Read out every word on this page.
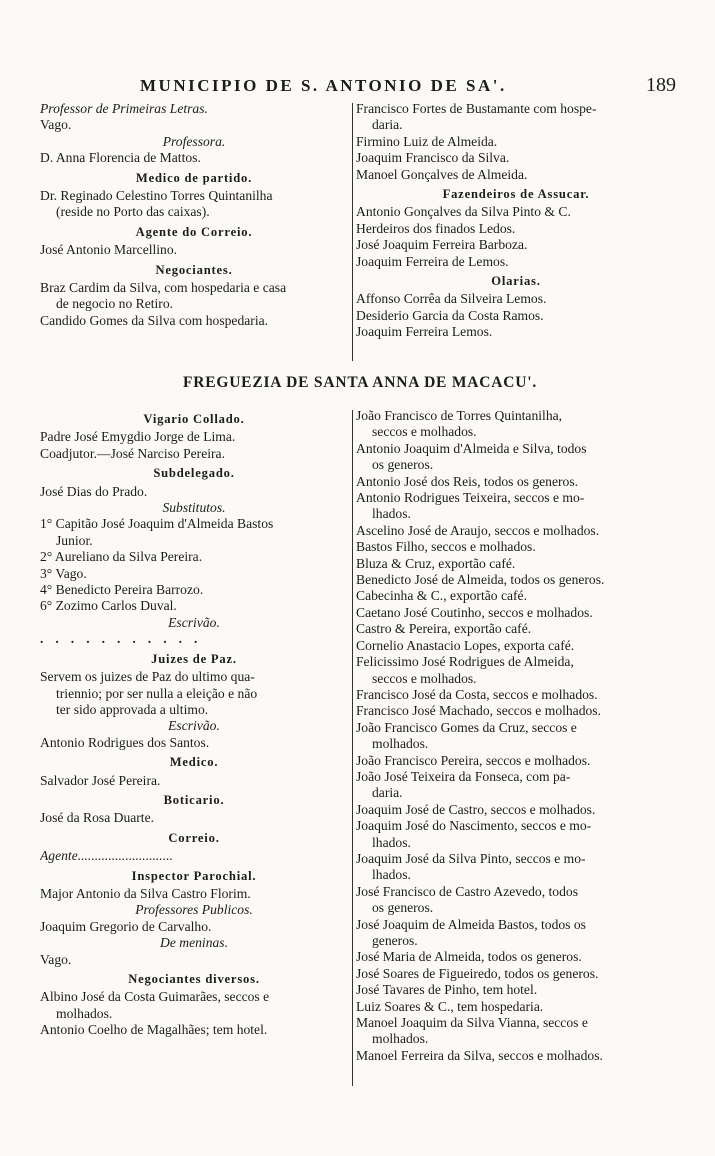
MUNICIPIO DE S. ANTONIO DE SA'.	189
Professor de Primeiras Letras.
Vago.
Professora.
D. Anna Florencia de Mattos.
Medico de partido.
Dr. Reginado Celestino Torres Quintanilha
(reside no Porto das caixas).
Agente do Correio.
José Antonio Marcellino.
Negociantes.
Braz Cardim da Silva, com hospedaria e casa
de negocio no Retiro.
Candido Gomes da Silva com hospedaria.
Francisco Fortes de Bustamante com hospe-
daria.
Firmino Luiz de Almeida.
Joaquim Francisco da Silva.
Manoel Gonçalves de Almeida.
Fazendeiros de Assucar.
Antonio Gonçalves da Silva Pinto & C.
Herdeiros dos finados Ledos.
José Joaquim Ferreira Barboza.
Joaquim Ferreira de Lemos.
Olarias.
Affonso Corrêa da Silveira Lemos.
Desiderio Garcia da Costa Ramos.
Joaquim Ferreira Lemos.
FREGUEZIA DE SANTA ANNA DE MACACU'.
Vigario Collado.
Padre José Emygdio Jorge de Lima.
Coadjutor.—José Narciso Pereira.
Subdelegado.
José Dias do Prado.
Substitutos.
1° Capitão José Joaquim d'Almeida Bastos
Junior.
2° Aureliano da Silva Pereira.
3° Vago.
4° Benedicto Pereira Barrozo.
6° Zozimo Carlos Duval.
Escrivão.
...........
Juizes de Paz.
Servem os juizes de Paz do ultimo qua-
triennio; por ser nulla a eleição e não
ter sido approvada a ultimo.
Escrivão.
Antonio Rodrigues dos Santos.
Medico.
Salvador José Pereira.
Boticario.
José da Rosa Duarte.
Correio.
Agente............................
Inspector Parochial.
Major Antonio da Silva Castro Florim.
Professores Publicos.
Joaquim Gregorio de Carvalho.
De meninas.
Vago.
Negociantes diversos.
Albino José da Costa Guimarães, seccos e
molhados.
Antonio Coelho de Magalhães; tem hotel.
João Francisco de Torres Quintanilha,
seccos e molhados.
Antonio Joaquim d'Almeida e Silva, todos
os generos.
Antonio José dos Reis, todos os generos.
Antonio Rodrigues Teixeira, seccos e mo-
lhados.
Ascelino José de Araujo, seccos e molhados.
Bastos Filho, seccos e molhados.
Bluza & Cruz, exportão café.
Benedicto José de Almeida, todos os generos.
Cabecinha & C., exportão café.
Caetano José Coutinho, seccos e molhados.
Castro & Pereira, exportão café.
Cornelio Anastacio Lopes, exporta café.
Felicissimo José Rodrigues de Almeida,
seccos e molhados.
Francisco José da Costa, seccos e molhados.
Francisco José Machado, seccos e molhados.
João Francisco Gomes da Cruz, seccos e
molhados.
João Francisco Pereira, seccos e molhados.
João José Teixeira da Fonseca, com pa-
daria.
Joaquim José de Castro, seccos e molhados.
Joaquim José do Nascimento, seccos e mo-
lhados.
Joaquim José da Silva Pinto, seccos e mo-
lhados.
José Francisco de Castro Azevedo, todos
os generos.
José Joaquim de Almeida Bastos, todos os
generos.
José Maria de Almeida, todos os generos.
José Soares de Figueiredo, todos os generos.
José Tavares de Pinho, tem hotel.
Luiz Soares & C., tem hospedaria.
Manoel Joaquim da Silva Vianna, seccos e
molhados.
Manoel Ferreira da Silva, seccos e molhados.
